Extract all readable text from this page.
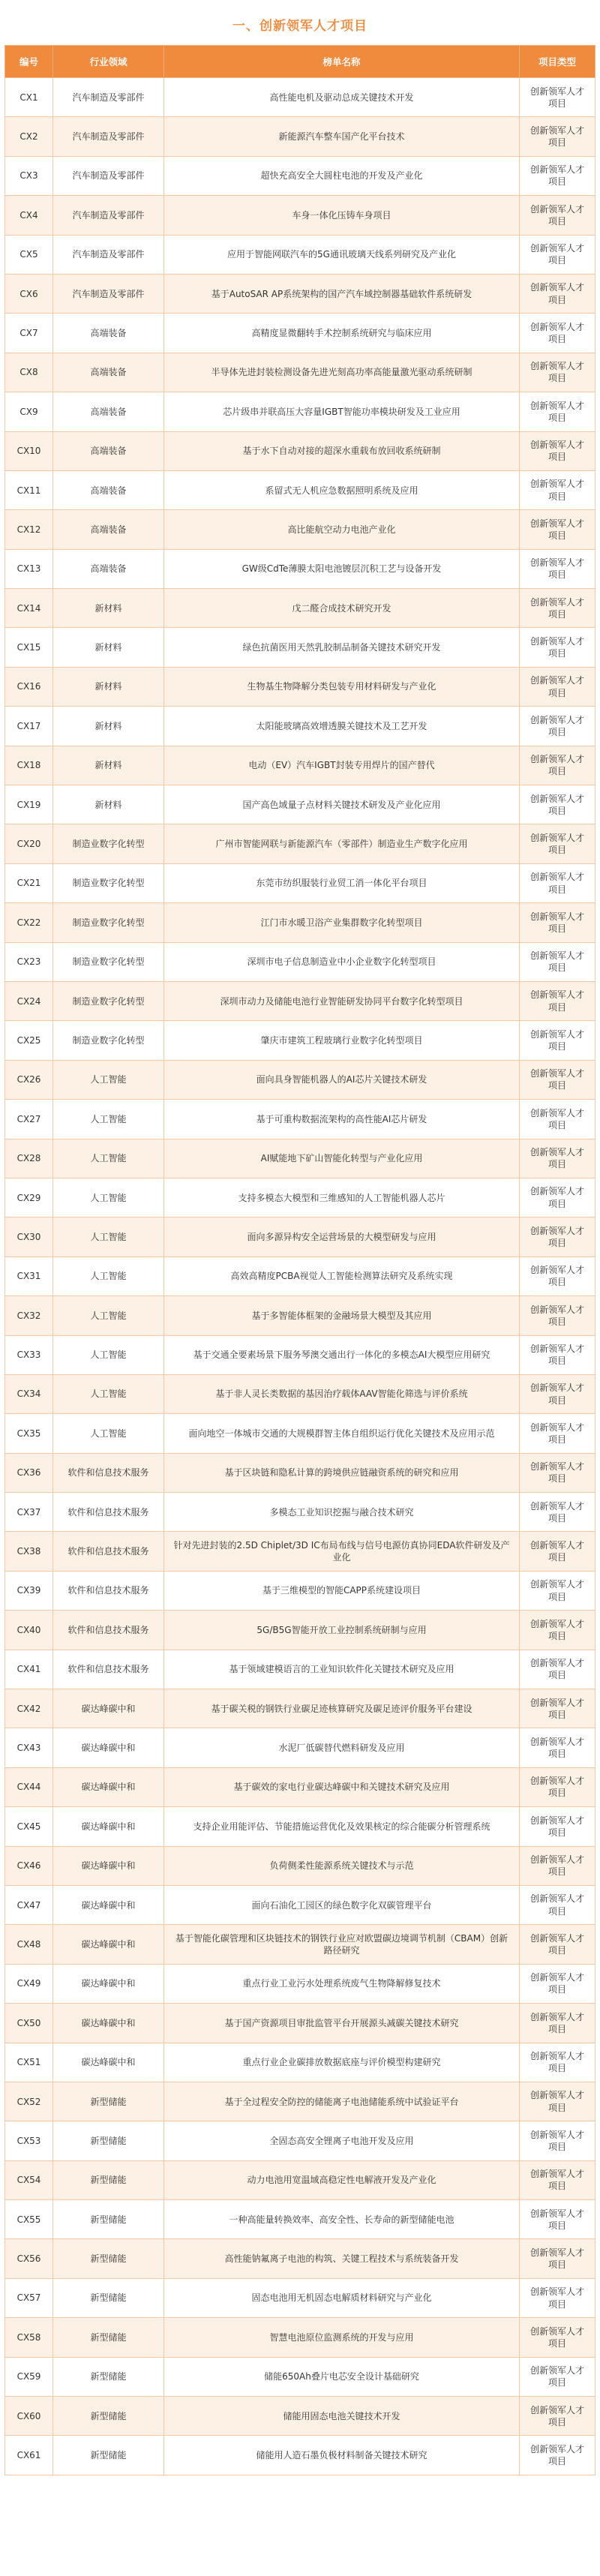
一、创新领军人才项目
编号	行业领域	榜单名称	项目类型
CX1	汽车制造及零部件	高性能电机及驱动总成关键技术开发	创新领军人才项目
CX2	汽车制造及零部件	新能源汽车整车国产化平台技术	创新领军人才项目
CX3	汽车制造及零部件	超快充高安全大圆柱电池的开发及产业化	创新领军人才项目
CX4	汽车制造及零部件	车身一体化压铸车身项目	创新领军人才项目
CX5	汽车制造及零部件	应用于智能网联汽车的5G通讯玻璃天线系列研究及产业化	创新领军人才项目
CX6	汽车制造及零部件	基于AutoSAR AP系统架构的国产汽车域控制器基础软件系统研发	创新领军人才项目
CX7	高端装备	高精度显微翻转手术控制系统研究与临床应用	创新领军人才项目
CX8	高端装备	半导体先进封装检测设备先进光刻高功率高能量激光驱动系统研制	创新领军人才项目
CX9	高端装备	芯片级串并联高压大容量IGBT智能功率模块研发及工业应用	创新领军人才项目
CX10	高端装备	基于水下自动对接的超深水重载布放回收系统研制	创新领军人才项目
CX11	高端装备	系留式无人机应急数据照明系统及应用	创新领军人才项目
CX12	高端装备	高比能航空动力电池产业化	创新领军人才项目
CX13	高端装备	GW级CdTe薄膜太阳电池镀层沉积工艺与设备开发	创新领军人才项目
CX14	新材料	戊二醛合成技术研究开发	创新领军人才项目
CX15	新材料	绿色抗菌医用天然乳胶制品制备关键技术研究开发	创新领军人才项目
CX16	新材料	生物基生物降解分类包装专用材料研发与产业化	创新领军人才项目
CX17	新材料	太阳能玻璃高效增透膜关键技术及工艺开发	创新领军人才项目
CX18	新材料	电动（EV）汽车IGBT封装专用焊片的国产替代	创新领军人才项目
CX19	新材料	国产高色域量子点材料关键技术研发及产业化应用	创新领军人才项目
CX20	制造业数字化转型	广州市智能网联与新能源汽车（零部件）制造业生产数字化应用	创新领军人才项目
CX21	制造业数字化转型	东莞市纺织服装行业贸工消一体化平台项目	创新领军人才项目
CX22	制造业数字化转型	江门市水暖卫浴产业集群数字化转型项目	创新领军人才项目
CX23	制造业数字化转型	深圳市电子信息制造业中小企业数字化转型项目	创新领军人才项目
CX24	制造业数字化转型	深圳市动力及储能电池行业智能研发协同平台数字化转型项目	创新领军人才项目
CX25	制造业数字化转型	肇庆市建筑工程玻璃行业数字化转型项目	创新领军人才项目
CX26	人工智能	面向具身智能机器人的AI芯片关键技术研发	创新领军人才项目
CX27	人工智能	基于可重构数据流架构的高性能AI芯片研发	创新领军人才项目
CX28	人工智能	AI赋能地下矿山智能化转型与产业化应用	创新领军人才项目
CX29	人工智能	支持多模态大模型和三维感知的人工智能机器人芯片	创新领军人才项目
CX30	人工智能	面向多源异构安全运营场景的大模型研发与应用	创新领军人才项目
CX31	人工智能	高效高精度PCBA视觉人工智能检测算法研究及系统实现	创新领军人才项目
CX32	人工智能	基于多智能体框架的金融场景大模型及其应用	创新领军人才项目
CX33	人工智能	基于交通全要素场景下服务琴澳交通出行一体化的多模态AI大模型应用研究	创新领军人才项目
CX34	人工智能	基于非人灵长类数据的基因治疗载体AAV智能化筛选与评价系统	创新领军人才项目
CX35	人工智能	面向地空一体城市交通的大规模群智主体自组织运行优化关键技术及应用示范	创新领军人才项目
CX36	软件和信息技术服务	基于区块链和隐私计算的跨境供应链融资系统的研究和应用	创新领军人才项目
CX37	软件和信息技术服务	多模态工业知识挖掘与融合技术研究	创新领军人才项目
CX38	软件和信息技术服务	针对先进封装的2.5D Chiplet/3D IC布局布线与信号电源仿真协同EDA软件研发及产业化	创新领军人才项目
CX39	软件和信息技术服务	基于三维模型的智能CAPP系统建设项目	创新领军人才项目
CX40	软件和信息技术服务	5G/B5G智能开放工业控制系统研制与应用	创新领军人才项目
CX41	软件和信息技术服务	基于领域建模语言的工业知识软件化关键技术研究及应用	创新领军人才项目
CX42	碳达峰碳中和	基于碳关税的钢铁行业碳足迹核算研究及碳足迹评价服务平台建设	创新领军人才项目
CX43	碳达峰碳中和	水泥厂低碳替代燃料研发及应用	创新领军人才项目
CX44	碳达峰碳中和	基于碳效的家电行业碳达峰碳中和关键技术研究及应用	创新领军人才项目
CX45	碳达峰碳中和	支持企业用能评估、节能措施运营优化及效果核定的综合能碳分析管理系统	创新领军人才项目
CX46	碳达峰碳中和	负荷侧柔性能源系统关键技术与示范	创新领军人才项目
CX47	碳达峰碳中和	面向石油化工园区的绿色数字化双碳管理平台	创新领军人才项目
CX48	碳达峰碳中和	基于智能化碳管理和区块链技术的钢铁行业应对欧盟碳边境调节机制（CBAM）创新路径研究	创新领军人才项目
CX49	碳达峰碳中和	重点行业工业污水处理系统废气生物降解修复技术	创新领军人才项目
CX50	碳达峰碳中和	基于国产资源项目审批监管平台开展源头减碳关键技术研究	创新领军人才项目
CX51	碳达峰碳中和	重点行业企业碳排放数据底座与评价模型构建研究	创新领军人才项目
CX52	新型储能	基于全过程安全防控的储能离子电池储能系统中试验证平台	创新领军人才项目
CX53	新型储能	全固态高安全锂离子电池开发及应用	创新领军人才项目
CX54	新型储能	动力电池用宽温域高稳定性电解液开发及产业化	创新领军人才项目
CX55	新型储能	一种高能量转换效率、高安全性、长寿命的新型储能电池	创新领军人才项目
CX56	新型储能	高性能钠氟离子电池的构筑、关键工程技术与系统装备开发	创新领军人才项目
CX57	新型储能	固态电池用无机固态电解质材料研究与产业化	创新领军人才项目
CX58	新型储能	智慧电池原位监测系统的开发与应用	创新领军人才项目
CX59	新型储能	储能650Ah叠片电芯安全设计基础研究	创新领军人才项目
CX60	新型储能	储能用固态电池关键技术开发	创新领军人才项目
CX61	新型储能	储能用人造石墨负极材料制备关键技术研究	创新领军人才项目
